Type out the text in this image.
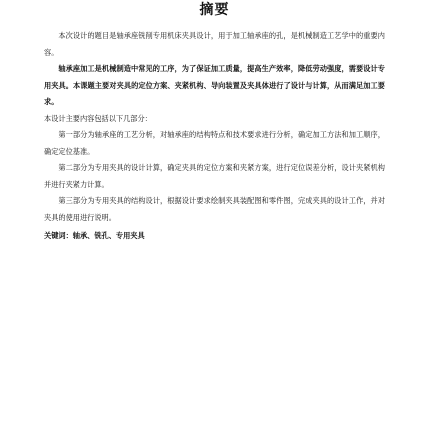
摘要

本次设计的题目是轴承座铣削专用机床夹具设计，用于加工轴承座的孔，是机械制造工艺学中的重要内容。

轴承座加工是机械制造中常见的工序，为了保证加工质量，提高生产效率，降低劳动强度，需要设计专用夹具。本课题主要对夹具的定位方案、夹紧机构、导向装置及夹具体进行了设计与计算，从而满足加工要求。

本设计主要内容包括以下几部分：

第一部分为轴承座的工艺分析，对轴承座的结构特点和技术要求进行分析，确定加工方法和加工顺序，确定定位基准。

第二部分为专用夹具的设计计算，确定夹具的定位方案和夹紧方案，进行定位误差分析，设计夹紧机构并进行夹紧力计算。

第三部分为专用夹具的结构设计，根据设计要求绘制夹具装配图和零件图，完成夹具的设计工作，并对夹具的使用进行说明。

关键词：轴承、铣孔、专用夹具
